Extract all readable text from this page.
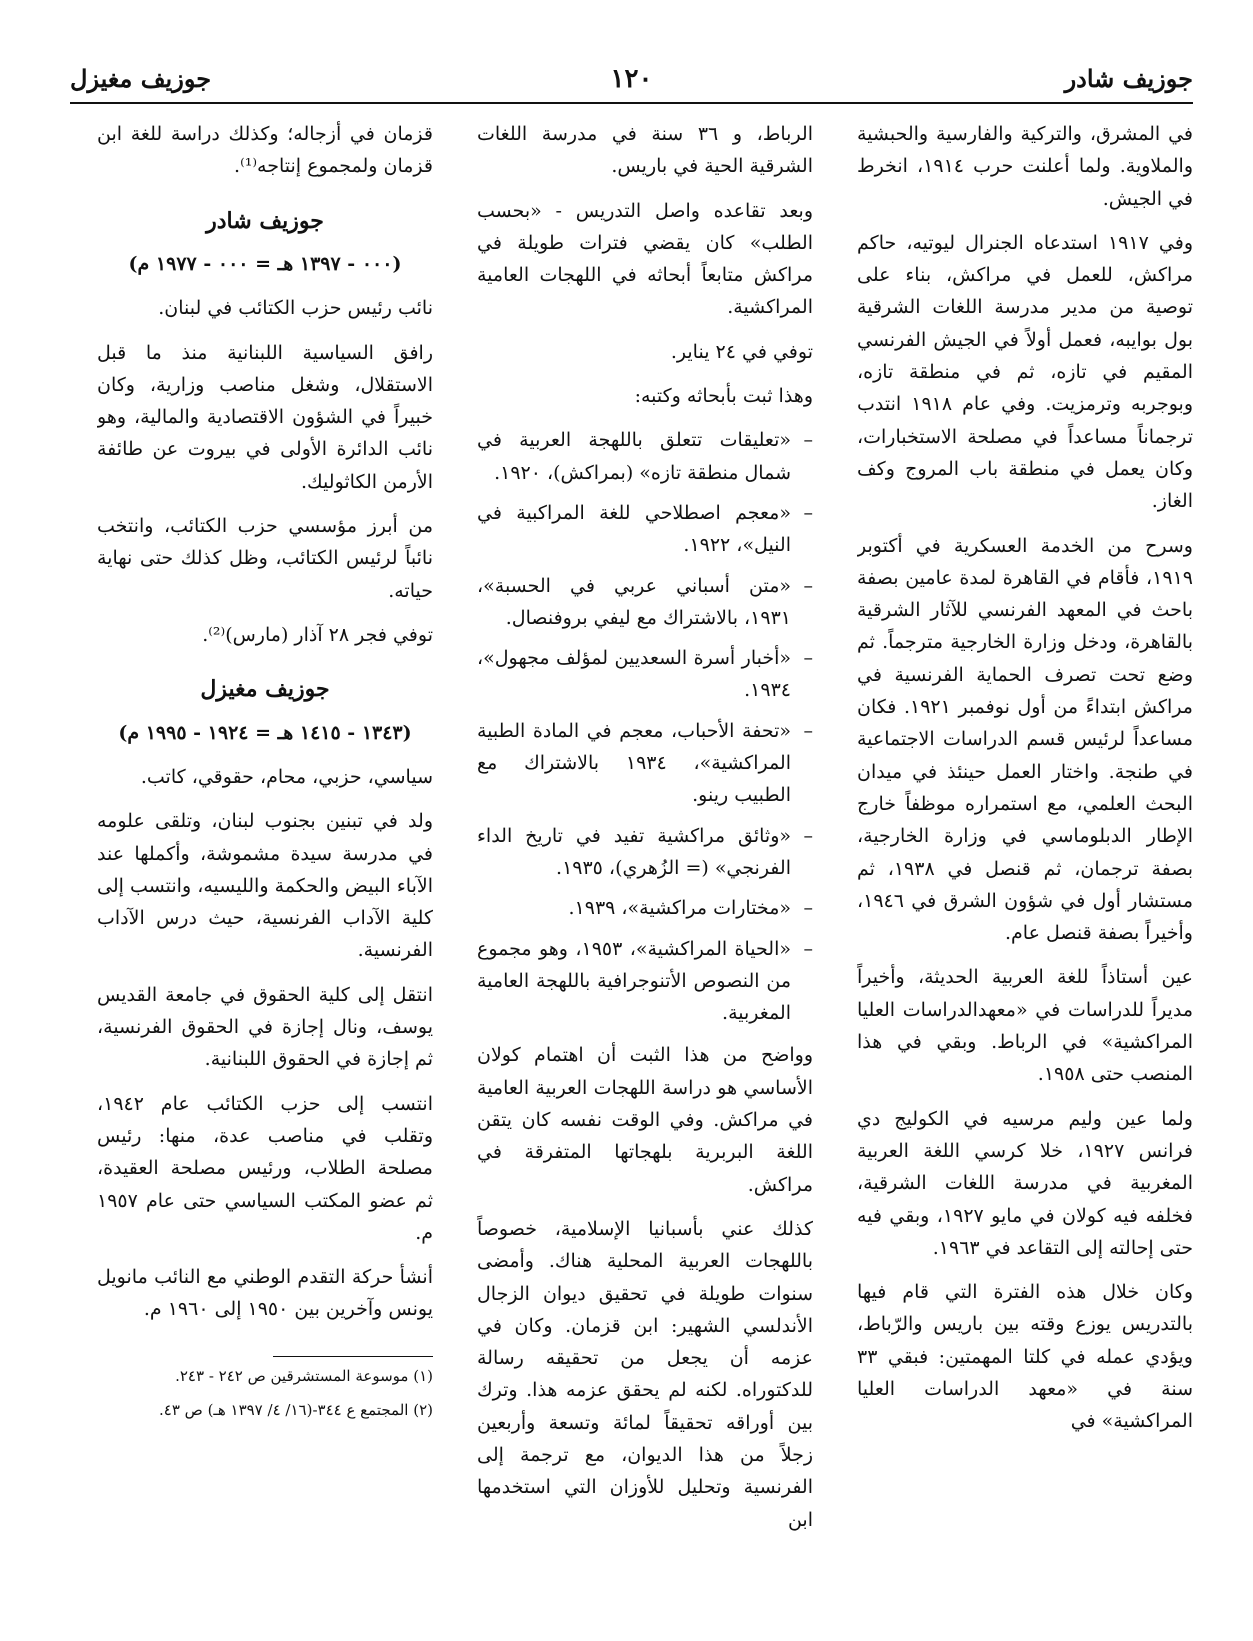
جوزيف شادر
١٢٠
جوزيف مغيزل

في المشرق، والتركية والفارسية والحبشية والملاوية. ولما أعلنت حرب ١٩١٤، انخرط في الجيش.

وفي ١٩١٧ استدعاه الجنرال ليوتيه، حاكم مراكش، للعمل في مراكش، بناء على توصية من مدير مدرسة اللغات الشرقية بول بوايبه، فعمل أولاً في الجيش الفرنسي المقيم في تازه، ثم في منطقة تازه، وبوجربه وترمزيت. وفي عام ١٩١٨ انتدب ترجماناً مساعداً في مصلحة الاستخبارات، وكان يعمل في منطقة باب المروج وكف الغاز.

وسرح من الخدمة العسكرية في أكتوبر ١٩١٩، فأقام في القاهرة لمدة عامين بصفة باحث في المعهد الفرنسي للآثار الشرقية بالقاهرة، ودخل وزارة الخارجية مترجماً. ثم وضع تحت تصرف الحماية الفرنسية في مراكش ابتداءً من أول نوفمبر ١٩٢١. فكان مساعداً لرئيس قسم الدراسات الاجتماعية في طنجة. واختار العمل حينئذ في ميدان البحث العلمي، مع استمراره موظفاً خارج الإطار الدبلوماسي في وزارة الخارجية، بصفة ترجمان، ثم قنصل في ١٩٣٨، ثم مستشار أول في شؤون الشرق في ١٩٤٦، وأخيراً بصفة قنصل عام.

عين أستاذاً للغة العربية الحديثة، وأخيراً مديراً للدراسات في «معهدالدراسات العليا المراكشية» في الرباط. وبقي في هذا المنصب حتى ١٩٥٨.

ولما عين وليم مرسيه في الكوليج دي فرانس ١٩٢٧، خلا كرسي اللغة العربية المغربية في مدرسة اللغات الشرقية، فخلفه فيه كولان في مايو ١٩٢٧، وبقي فيه حتى إحالته إلى التقاعد في ١٩٦٣.

وكان خلال هذه الفترة التي قام فيها بالتدريس يوزع وقته بين باريس والرّباط، ويؤدي عمله في كلتا المهمتين: فبقي ٣٣ سنة في «معهد الدراسات العليا المراكشية» في

الرباط، و ٣٦ سنة في مدرسة اللغات الشرقية الحية في باريس.

وبعد تقاعده واصل التدريس - «بحسب الطلب» كان يقضي فترات طويلة في مراكش متابعاً أبحاثه في اللهجات العامية المراكشية.

توفي في ٢٤ يناير.

وهذا ثبت بأبحاثه وكتبه:

– «تعليقات تتعلق باللهجة العربية في شمال منطقة تازه» (بمراكش)، ١٩٢٠.
– «معجم اصطلاحي للغة المراكبية في النيل»، ١٩٢٢.
– «متن أسباني عربي في الحسبة»، ١٩٣١، بالاشتراك مع ليفي بروفنصال.
– «أخبار أسرة السعديين لمؤلف مجهول»، ١٩٣٤.
– «تحفة الأحباب، معجم في المادة الطبية المراكشية»، ١٩٣٤ بالاشتراك مع الطبيب رينو.
– «وثائق مراكشية تفيد في تاريخ الداء الفرنجي» (= الزُهري)، ١٩٣٥.
– «مختارات مراكشية»، ١٩٣٩.
– «الحياة المراكشية»، ١٩٥٣، وهو مجموع من النصوص الأتنوجرافية باللهجة العامية المغربية.

وواضح من هذا الثبت أن اهتمام كولان الأساسي هو دراسة اللهجات العربية العامية في مراكش. وفي الوقت نفسه كان يتقن اللغة البربرية بلهجاتها المتفرقة في مراكش.

كذلك عني بأسبانيا الإسلامية، خصوصاً باللهجات العربية المحلية هناك. وأمضى سنوات طويلة في تحقيق ديوان الزجال الأندلسي الشهير: ابن قزمان. وكان في عزمه أن يجعل من تحقيقه رسالة للدكتوراه. لكنه لم يحقق عزمه هذا. وترك بين أوراقه تحقيقاً لمائة وتسعة وأربعين زجلاً من هذا الديوان، مع ترجمة إلى الفرنسية وتحليل للأوزان التي استخدمها ابن

قزمان في أزجاله؛ وكذلك دراسة للغة ابن قزمان ولمجموع إنتاجه⁽¹⁾.

جوزيف شادر
(٠٠٠ - ١٣٩٧ هـ = ٠٠٠ - ١٩٧٧ م)

نائب رئيس حزب الكتائب في لبنان.

رافق السياسية اللبنانية منذ ما قبل الاستقلال، وشغل مناصب وزارية، وكان خبيراً في الشؤون الاقتصادية والمالية، وهو نائب الدائرة الأولى في بيروت عن طائفة الأرمن الكاثوليك.

من أبرز مؤسسي حزب الكتائب، وانتخب نائباً لرئيس الكتائب، وظل كذلك حتى نهاية حياته.

توفي فجر ٢٨ آذار (مارس)⁽²⁾.

جوزيف مغيزل
(١٣٤٣ - ١٤١٥ هـ = ١٩٢٤ - ١٩٩٥ م)

سياسي، حزبي، محام، حقوقي، كاتب.

ولد في تبنين بجنوب لبنان، وتلقى علومه في مدرسة سيدة مشموشة، وأكملها عند الآباء البيض والحكمة والليسيه، وانتسب إلى كلية الآداب الفرنسية، حيث درس الآداب الفرنسية.

انتقل إلى كلية الحقوق في جامعة القديس يوسف، ونال إجازة في الحقوق الفرنسية، ثم إجازة في الحقوق اللبنانية.

انتسب إلى حزب الكتائب عام ١٩٤٢، وتقلب في مناصب عدة، منها: رئيس مصلحة الطلاب، ورئيس مصلحة العقيدة، ثم عضو المكتب السياسي حتى عام ١٩٥٧ م.

أنشأ حركة التقدم الوطني مع النائب مانويل يونس وآخرين بين ١٩٥٠ إلى ١٩٦٠ م.

(١) موسوعة المستشرقين ص ٢٤٢ - ٢٤٣.

(٢) المجتمع ع ٣٤٤-(١٦/ ٤/ ١٣٩٧ هـ) ص ٤٣.
